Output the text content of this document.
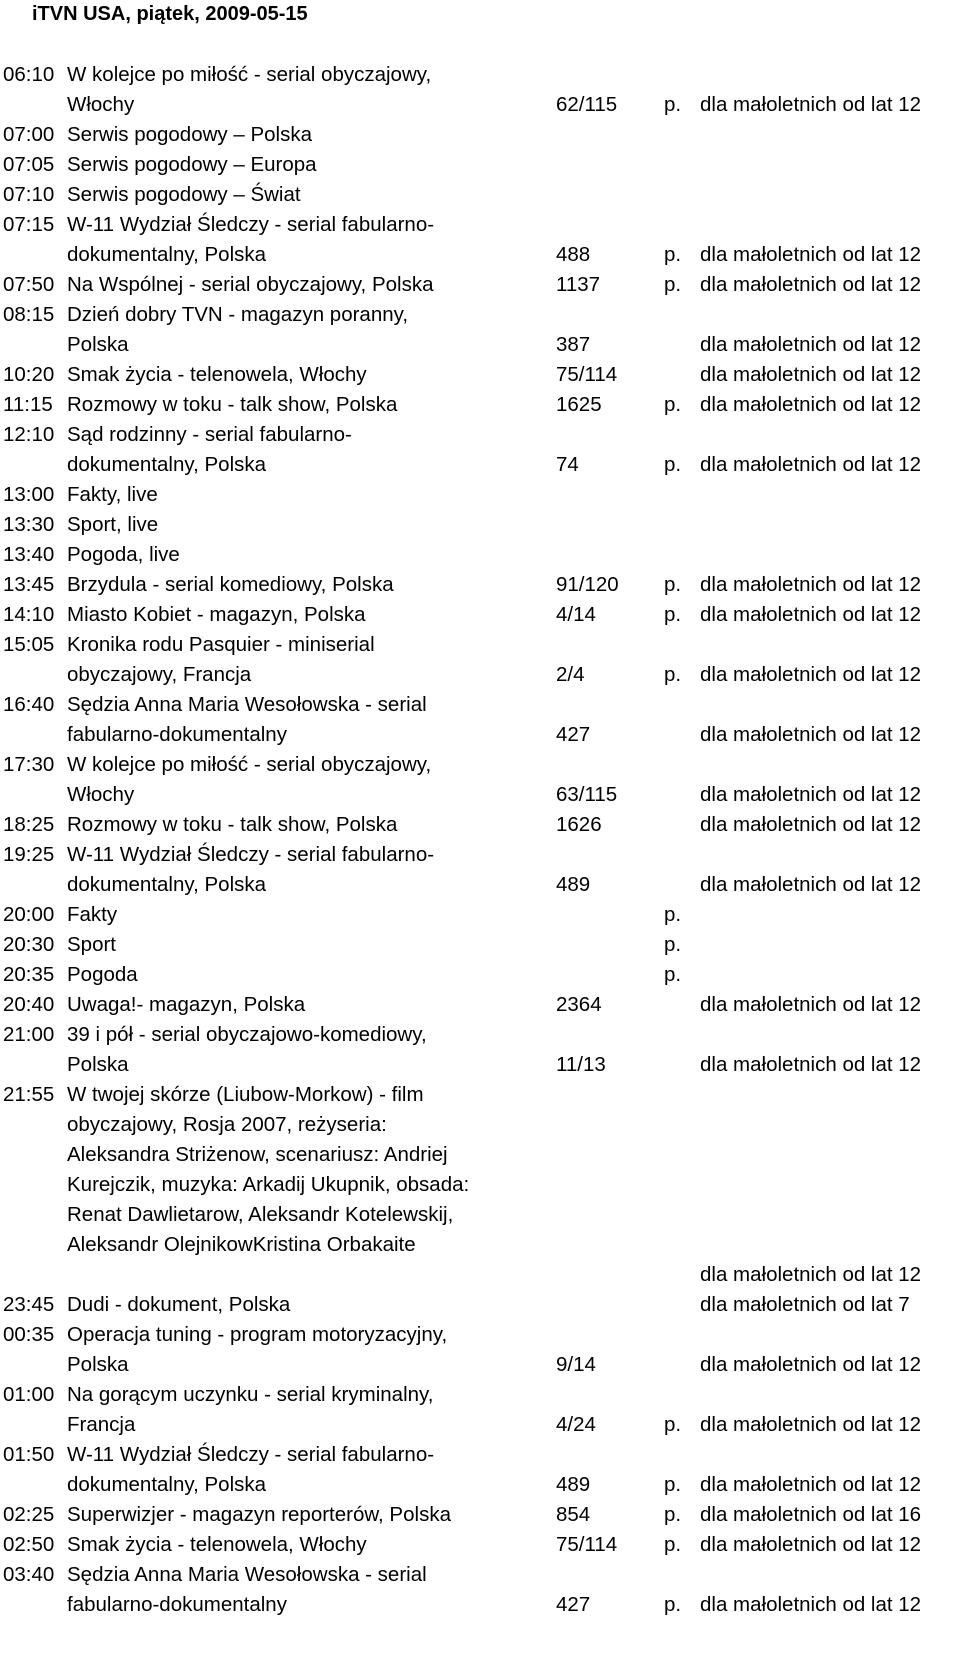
iTVN USA, piątek, 2009-05-15
06:10 W kolejce po miłość - serial obyczajowy,
Włochy	62/115 p. dla małoletnich od lat 12
07:00 Serwis pogodowy – Polska
07:05 Serwis pogodowy – Europa
07:10 Serwis pogodowy – Świat
07:15 W-11 Wydział Śledczy - serial fabularno-
dokumentalny, Polska	488	p. dla małoletnich od lat 12
07:50 Na Wspólnej - serial obyczajowy, Polska	1137	p. dla małoletnich od lat 12
08:15 Dzień dobry TVN - magazyn poranny,
Polska	387	dla małoletnich od lat 12
10:20 Smak życia - telenowela, Włochy	75/114	dla małoletnich od lat 12
11:15 Rozmowy w toku - talk show, Polska	1625	p. dla małoletnich od lat 12
12:10 Sąd rodzinny - serial fabularno-
dokumentalny, Polska	74	p. dla małoletnich od lat 12
13:00 Fakty, live
13:30 Sport, live
13:40 Pogoda, live
13:45 Brzydula - serial komediowy, Polska	91/120 p. dla małoletnich od lat 12
14:10 Miasto Kobiet - magazyn, Polska	4/14	p. dla małoletnich od lat 12
15:05 Kronika rodu Pasquier - miniserial
obyczajowy, Francja	2/4	p. dla małoletnich od lat 12
16:40 Sędzia Anna Maria Wesołowska - serial
fabularno-dokumentalny	427	dla małoletnich od lat 12
17:30 W kolejce po miłość - serial obyczajowy,
Włochy	63/115	dla małoletnich od lat 12
18:25 Rozmowy w toku - talk show, Polska	1626	dla małoletnich od lat 12
19:25 W-11 Wydział Śledczy - serial fabularno-
dokumentalny, Polska	489	dla małoletnich od lat 12
20:00 Fakty	p.
20:30 Sport	p.
20:35 Pogoda	p.
20:40 Uwaga!- magazyn, Polska	2364	dla małoletnich od lat 12
21:00 39 i pół - serial obyczajowo-komediowy,
Polska	11/13	dla małoletnich od lat 12
21:55 W twojej skórze (Liubow-Morkow) - film
obyczajowy, Rosja 2007, reżyseria:
Aleksandra Striżenow, scenariusz: Andriej
Kurejczik, muzyka: Arkadij Ukupnik, obsada:
Renat Dawlietarow, Aleksandr Kotelewskij,
Aleksandr OlejnikowKristina Orbakaite

dla małoletnich od lat 12
23:45 Dudi - dokument, Polska	dla małoletnich od lat 7
00:35 Operacja tuning - program motoryzacyjny,
Polska	9/14	dla małoletnich od lat 12
01:00 Na gorącym uczynku - serial kryminalny,
Francja	4/24	p. dla małoletnich od lat 12
01:50 W-11 Wydział Śledczy - serial fabularno-
dokumentalny, Polska	489	p. dla małoletnich od lat 12
02:25 Superwizjer - magazyn reporterów, Polska	854	p. dla małoletnich od lat 16
02:50 Smak życia - telenowela, Włochy	75/114 p. dla małoletnich od lat 12
03:40 Sędzia Anna Maria Wesołowska - serial
fabularno-dokumentalny	427	p. dla małoletnich od lat 12
